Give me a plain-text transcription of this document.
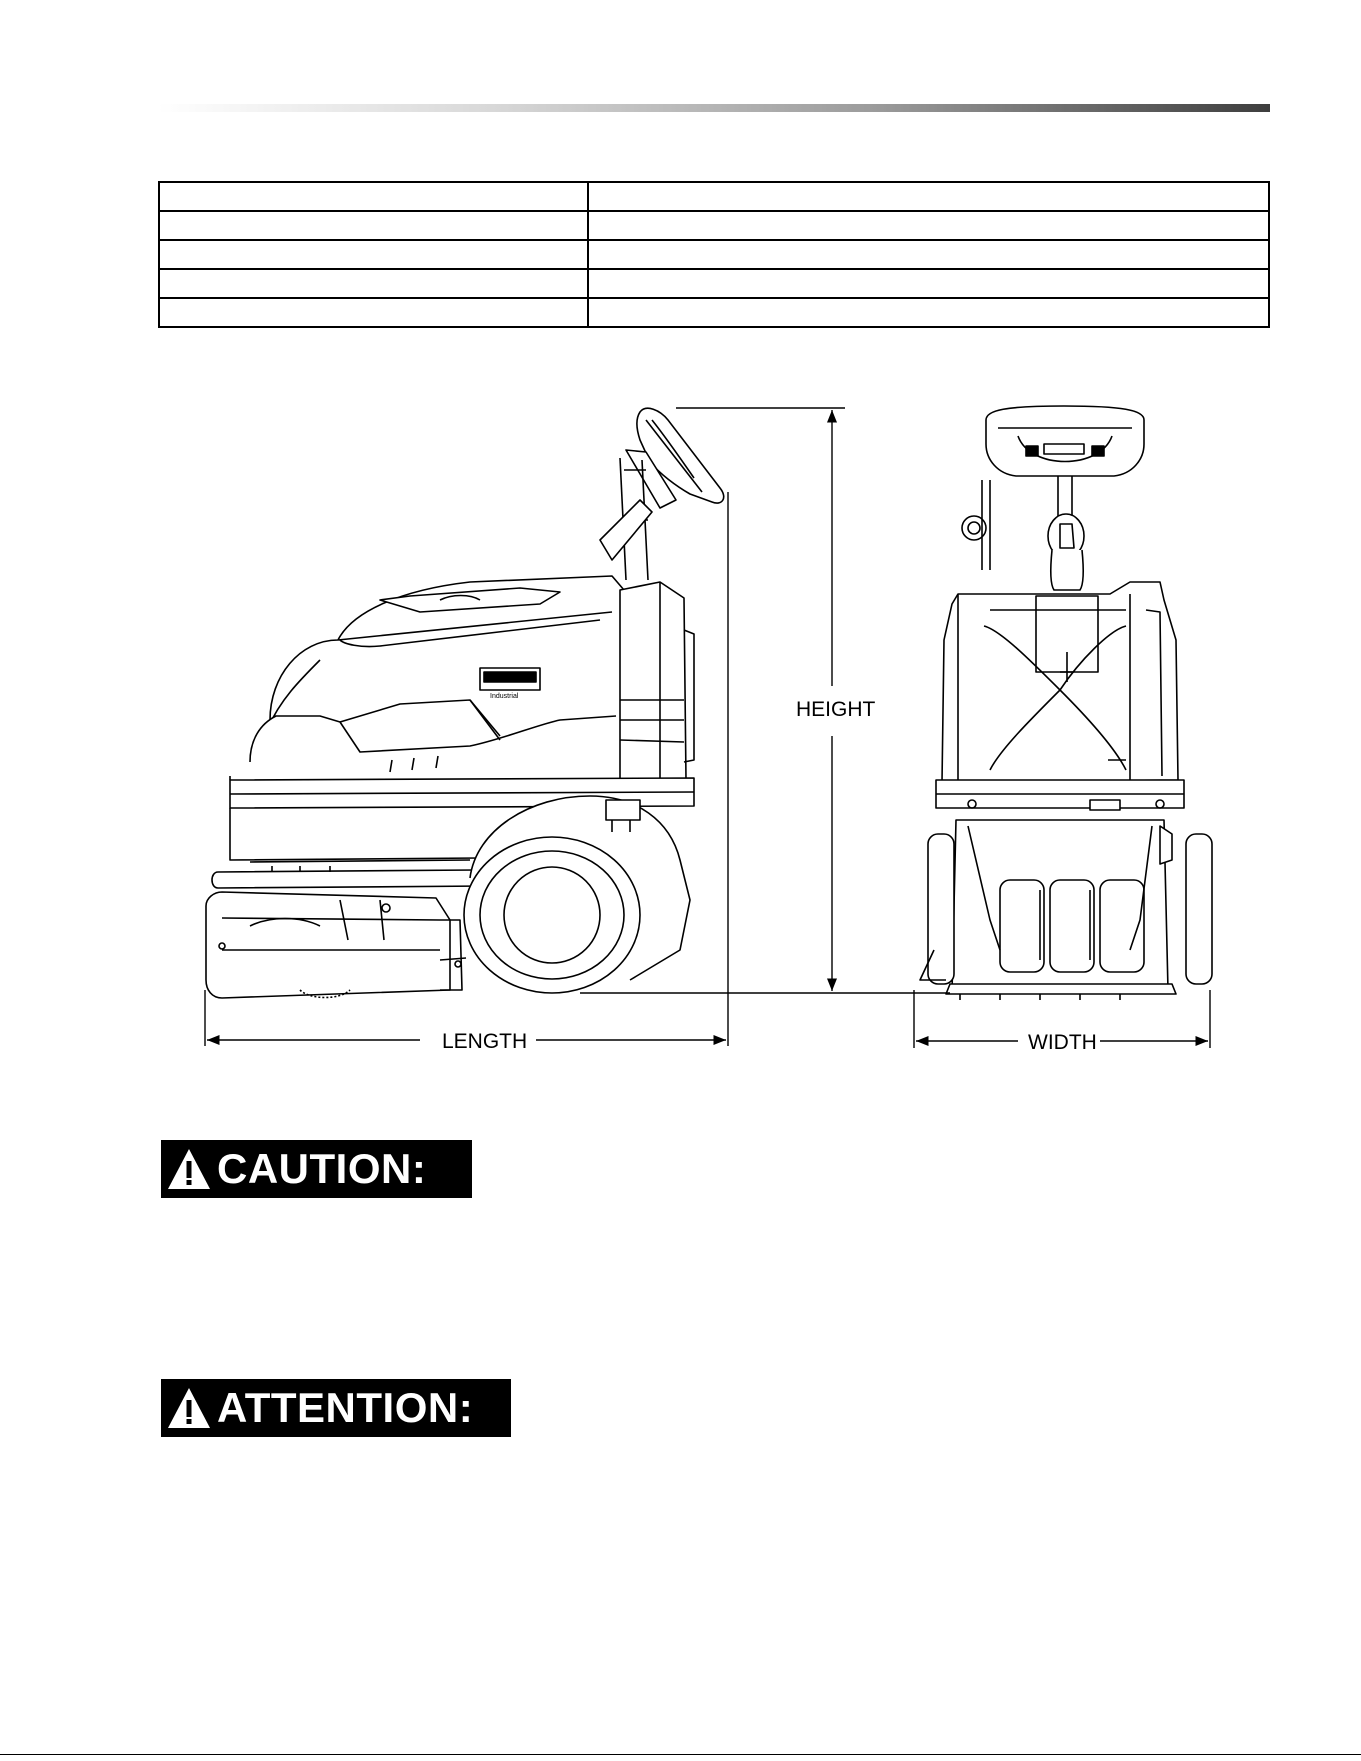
Industrial
HEIGHT
LENGTH	WIDTH
CAUTION:
ATTENTION:
